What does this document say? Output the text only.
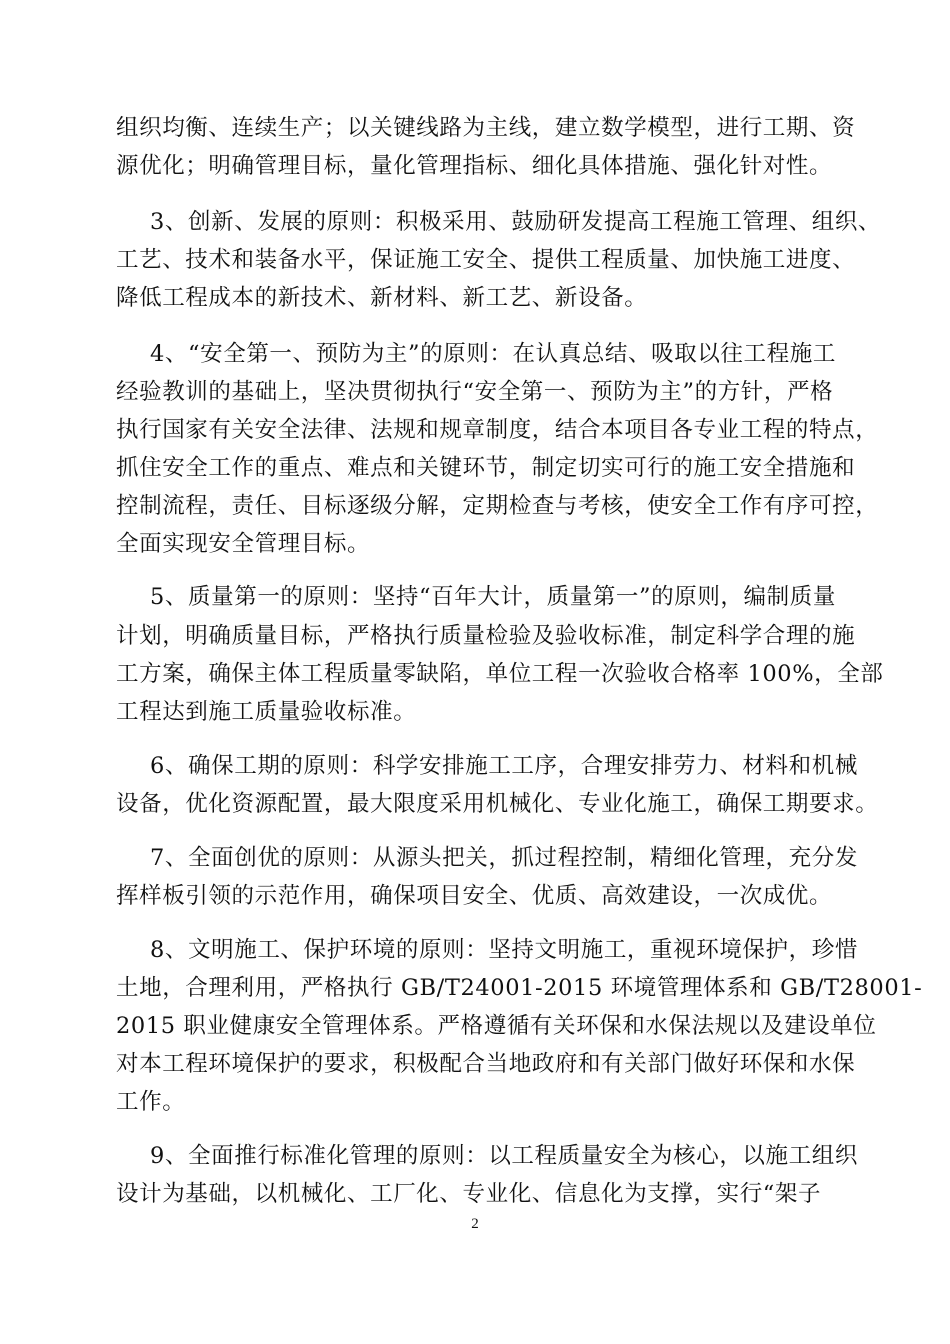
组织均衡、连续生产；以关键线路为主线，建立数学模型，进行工期、资
源优化；明确管理目标，量化管理指标、细化具体措施、强化针对性。
3、创新、发展的原则：积极采用、鼓励研发提高工程施工管理、组织、
工艺、技术和装备水平，保证施工安全、提供工程质量、加快施工进度、
降低工程成本的新技术、新材料、新工艺、新设备。
4、“安全第一、预防为主”的原则：在认真总结、吸取以往工程施工
经验教训的基础上，坚决贯彻执行“安全第一、预防为主”的方针，严格
执行国家有关安全法律、法规和规章制度，结合本项目各专业工程的特点，
抓住安全工作的重点、难点和关键环节，制定切实可行的施工安全措施和
控制流程，责任、目标逐级分解，定期检查与考核，使安全工作有序可控，
全面实现安全管理目标。
5、质量第一的原则：坚持“百年大计，质量第一”的原则，编制质量
计划，明确质量目标，严格执行质量检验及验收标准，制定科学合理的施
工方案，确保主体工程质量零缺陷，单位工程一次验收合格率 100%，全部
工程达到施工质量验收标准。
6、确保工期的原则：科学安排施工工序，合理安排劳力、材料和机械
设备，优化资源配置，最大限度采用机械化、专业化施工，确保工期要求。
7、全面创优的原则：从源头把关，抓过程控制，精细化管理，充分发
挥样板引领的示范作用，确保项目安全、优质、高效建设，一次成优。
8、文明施工、保护环境的原则：坚持文明施工，重视环境保护，珍惜
土地，合理利用，严格执行 GB/T24001-2015 环境管理体系和 GB/T28001-
2015 职业健康安全管理体系。严格遵循有关环保和水保法规以及建设单位
对本工程环境保护的要求，积极配合当地政府和有关部门做好环保和水保
工作。
9、全面推行标准化管理的原则：以工程质量安全为核心，以施工组织
设计为基础，以机械化、工厂化、专业化、信息化为支撑，实行“架子
2
